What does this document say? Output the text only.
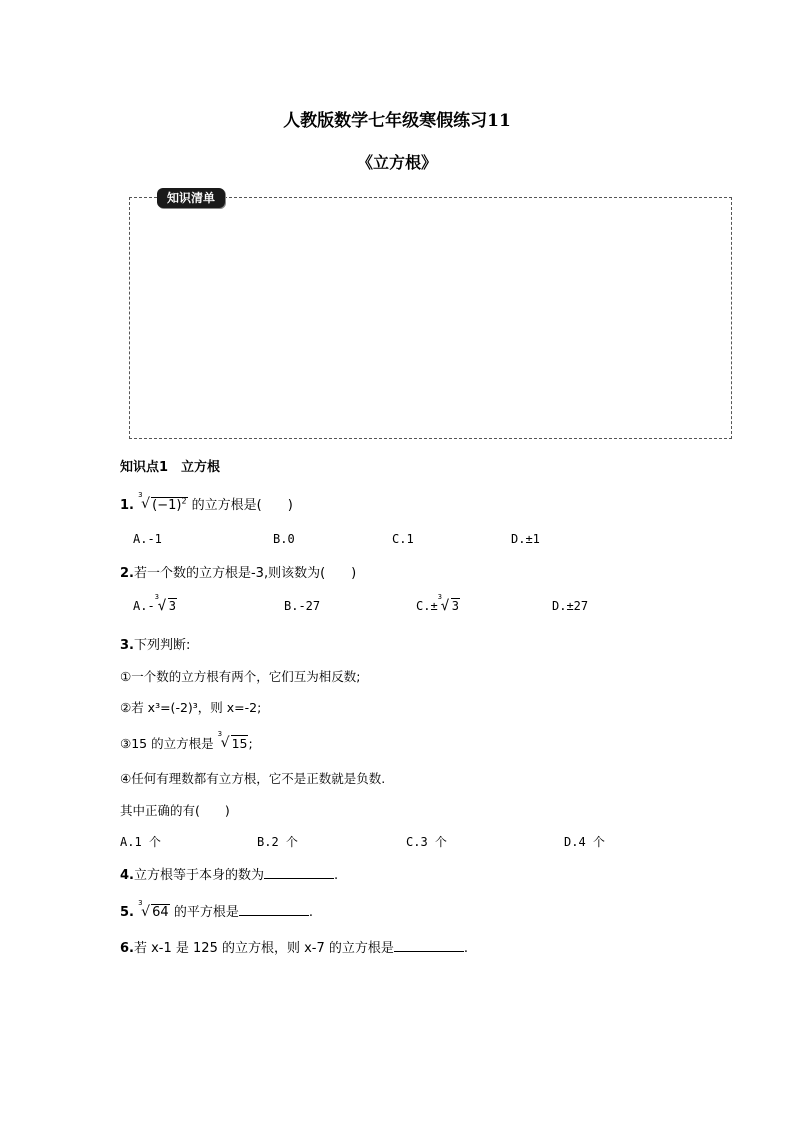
人教版数学七年级寒假练习11
《立方根》
知识清单
知识点1　立方根
1.
3
√ $(-1)^2$ 的立方根是(　　)
A.-1	B.0	C.1	D.±1
2.若一个数的立方根是-3,则该数为(　　)
A.-
3
√ 3	B.-27	C.±
3
√ 3	D.±27
3.下列判断:
①一个数的立方根有两个，它们互为相反数;
②若 x³=(-2)³，则 x=-2;
③15 的立方根是
3
√ 15;
④任何有理数都有立方根，它不是正数就是负数.
其中正确的有(　　)
A.1 个	B.2 个	C.3 个	D.4 个
4.立方根等于本身的数为	.
5.
3
√ 64 的平方根是	.
6.若 x-1 是 125 的立方根，则 x-7 的立方根是	.
